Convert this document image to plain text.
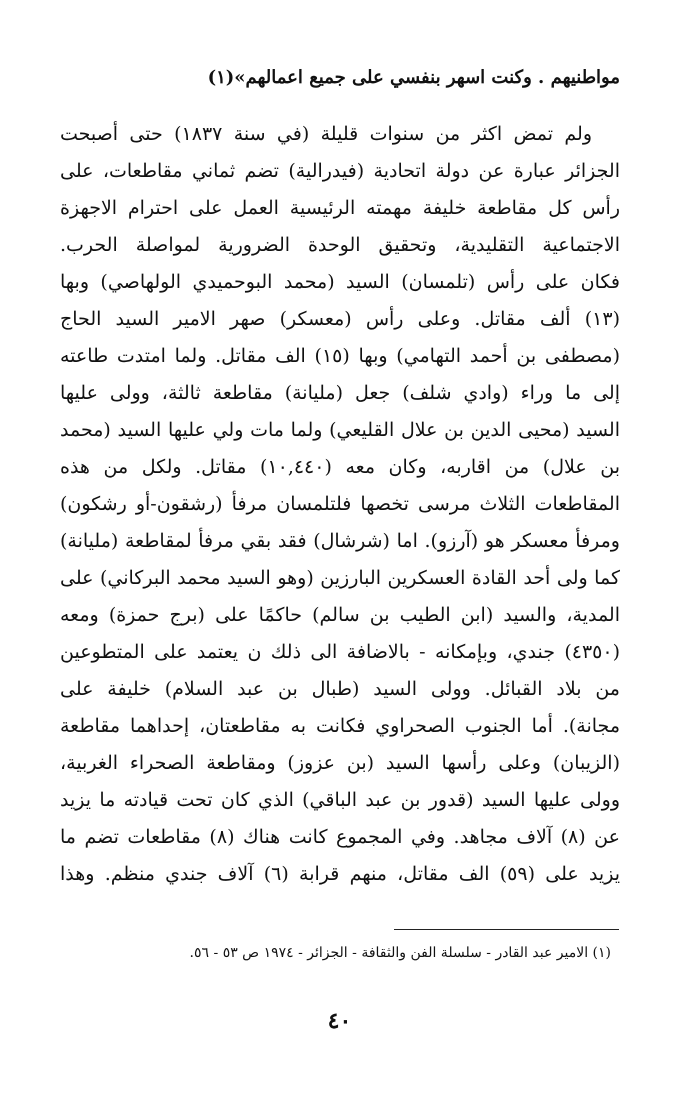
مواطنيهم . وكنت اسهر بنفسي على جميع اعمالهم»(١)
ولم تمض اكثر من سنوات قليلة (في سنة ١٨٣٧) حتى أصبحت
الجزائر عبارة عن دولة اتحادية (فيدرالية) تضم ثماني مقاطعات، على
رأس كل مقاطعة خليفة مهمته الرئيسية العمل على احترام الاجهزة
الاجتماعية التقليدية، وتحقيق الوحدة الضرورية لمواصلة الحرب.
فكان على رأس (تلمسان) السيد (محمد البوحميدي الولهاصي) وبها
(١٣) ألف مقاتل. وعلى رأس (معسكر) صهر الامير السيد الحاج
(مصطفى بن أحمد التهامي) وبها (١٥) الف مقاتل. ولما امتدت طاعته
إلى ما وراء (وادي شلف) جعل (مليانة) مقاطعة ثالثة، وولى عليها
السيد (محيى الدين بن علال القليعي) ولما مات ولي عليها السيد (محمد
بن علال) من اقاربه، وكان معه (١٠,٤٤٠) مقاتل. ولكل من هذه
المقاطعات الثلاث مرسى تخصها فلتلمسان مرفأ (رشقون-أو رشكون)
ومرفأ معسكر هو (آرزو). اما (شرشال) فقد بقي مرفأ لمقاطعة (مليانة)
كما ولى أحد القادة العسكرين البارزين (وهو السيد محمد البركاني) على
المدية، والسيد (ابن الطيب بن سالم) حاكمًا على (برج حمزة) ومعه
(٤٣٥٠) جندي، وبإمكانه - بالاضافة الى ذلك ن يعتمد على المتطوعين
من بلاد القبائل. وولى السيد (طبال بن عبد السلام) خليفة على
مجانة). أما الجنوب الصحراوي فكانت به مقاطعتان، إحداهما مقاطعة
(الزيبان) وعلى رأسها السيد (بن عزوز) ومقاطعة الصحراء الغربية،
وولى عليها السيد (قدور بن عبد الباقي) الذي كان تحت قيادته ما يزيد
عن (٨) آلاف مجاهد. وفي المجموع كانت هناك (٨) مقاطعات تضم ما
يزيد على (٥٩) الف مقاتل، منهم قرابة (٦) آلاف جندي منظم. وهذا
(١) الامير عبد القادر - سلسلة الفن والثقافة - الجزائر - ١٩٧٤ ص ٥٣ - ٥٦.
٤٠
